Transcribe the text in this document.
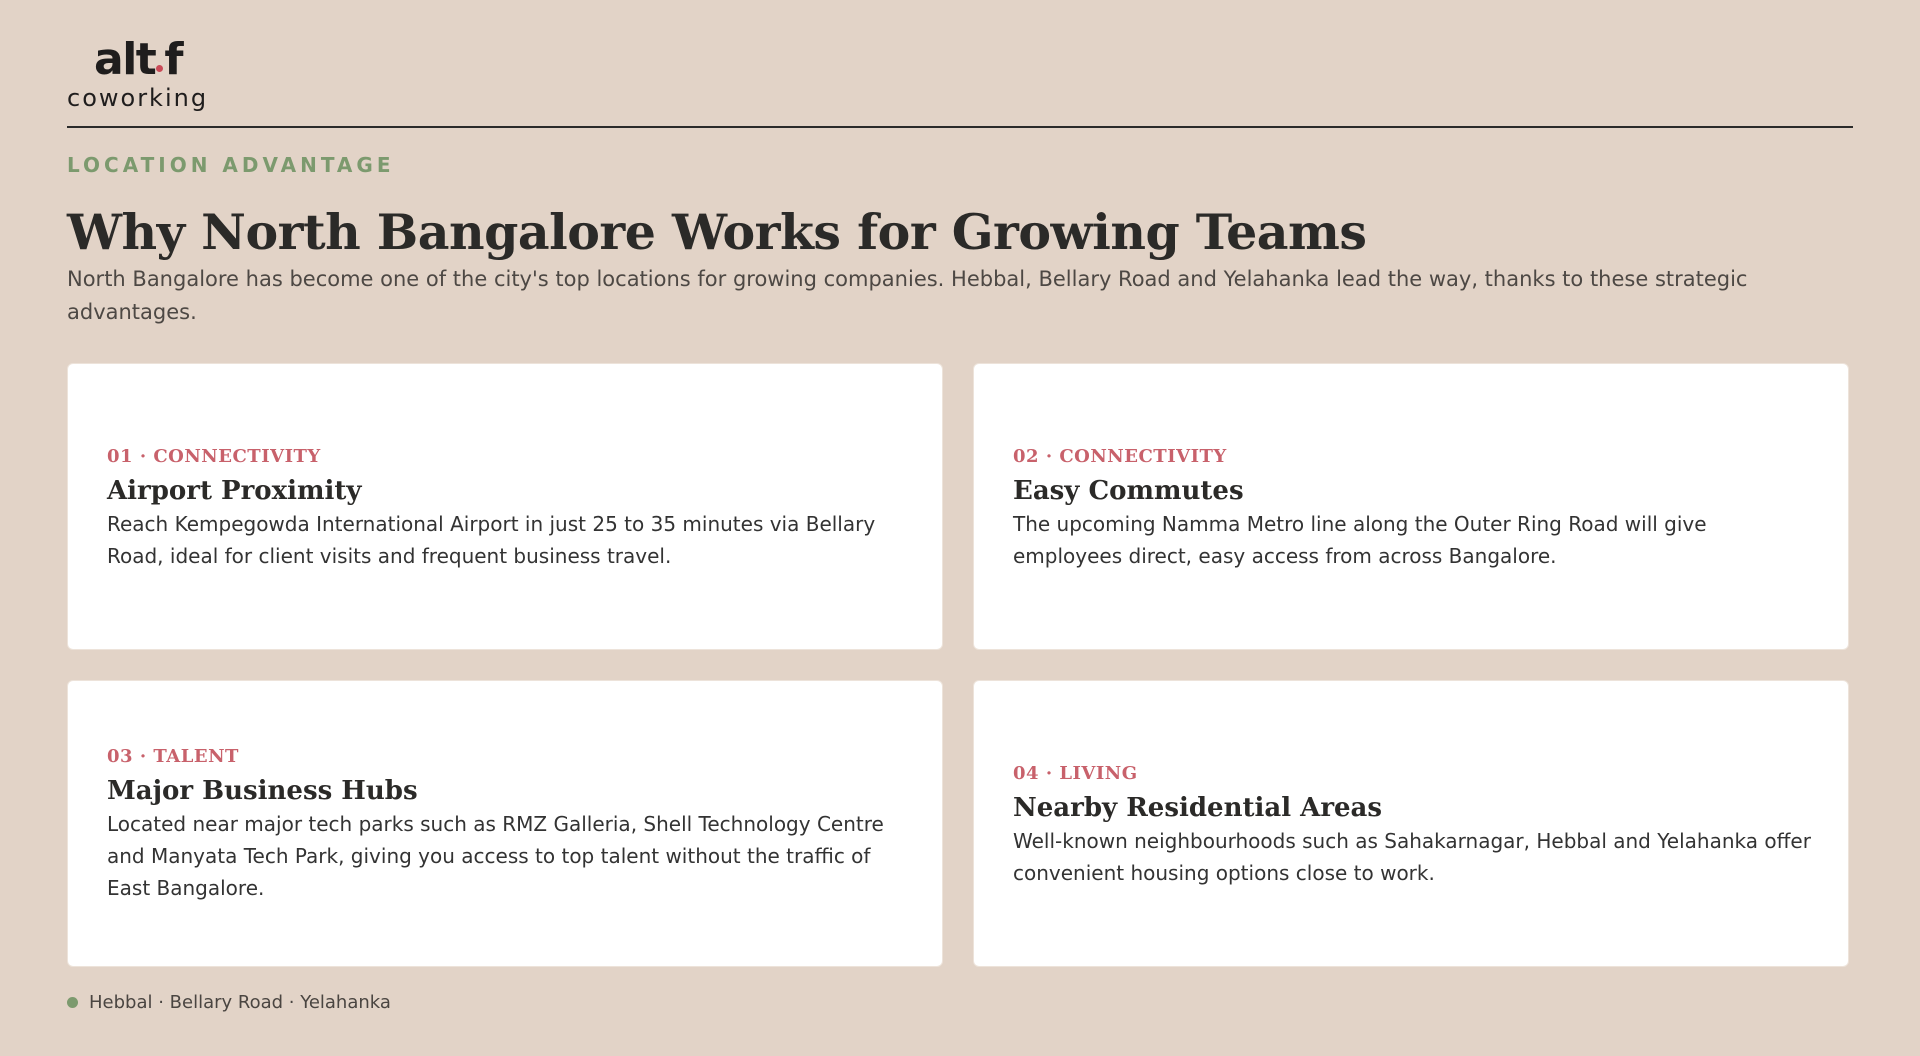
alt f
coworking
LOCATION ADVANTAGE
Why North Bangalore Works for Growing Teams

North Bangalore has become one of the city's top locations for growing companies. Hebbal, Bellary Road and Yelahanka lead the way, thanks to these strategic advantages.

01 · CONNECTIVITY
Airport Proximity

Reach Kempegowda International Airport in just 25 to 35 minutes via Bellary Road, ideal for client visits and frequent business travel.

02 · CONNECTIVITY
Easy Commutes

The upcoming Namma Metro line along the Outer Ring Road will give employees direct, easy access from across Bangalore.

03 · TALENT
Major Business Hubs

Located near major tech parks such as RMZ Galleria, Shell Technology Centre and Manyata Tech Park, giving you access to top talent without the traffic of East Bangalore.

04 · LIVING
Nearby Residential Areas

Well-known neighbourhoods such as Sahakarnagar, Hebbal and Yelahanka offer convenient housing options close to work.

Hebbal · Bellary Road · Yelahanka
